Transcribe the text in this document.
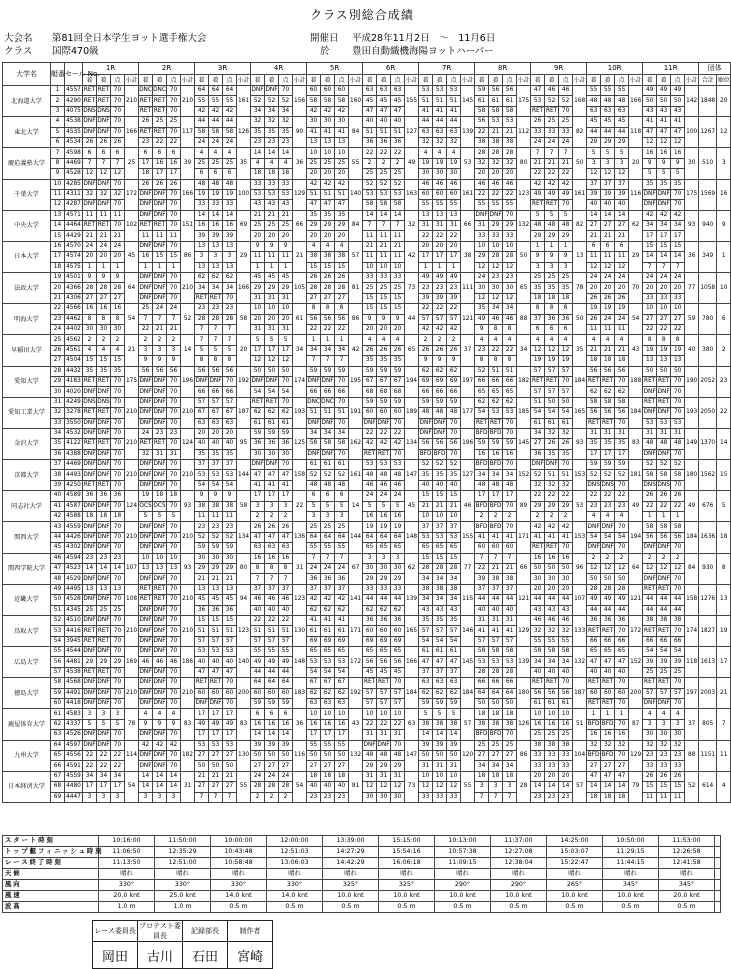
クラス別総合成績
大会名 第81回全日本学生ヨット選手権大会
クラス 国際470級
開催日 平成28年11月2日　～　11月6日
於 豊田自動織機海陽ヨットハーバー
大学名	艇番	セール No.	1R				2R				3R				4R				5R				6R				7R				8R				9R				10R				11R				団体	
			着	着	点	小計	着	着	点	小計	着	着	点	小計	着	着	点	小計	着	着	点	小計	着	着	点	小計	着	着	点	小計	着	着	点	小計	着	着	点	小計	着	着	点	小計	着	着	点	小計	合計	順位
北海道大学	1	4557	RET	RET	70	210	DNC	DNC	70	210	64	64	64	161	DNF	DNF	70	156	60	60	60	160	63	63	63	155	53	53	53	145	59	56	56	175	47	46	46	168	55	55	55	166	49	49	49	142	1848	20
	2	4290	RET	RET	70		RET	RET	70		55	55	55		52	52	52		58	58	58		45	45	45		51	51	51		61	61	61		53	52	52		48	48	48		50	50	50			
	3	4075	DNS	DNS	70		RET	RET	70		42	42	42		34	34	34		42	42	42		47	47	47		41	41	41		58	58	58		RET	RET	70		63	63	63		43	43	43			
東北大学	4	4538	DNF	DNF	70	166	26	25	25	117	44	44	44	126	32	32	32	90	30	30	30	84	40	40	40	127	44	44	44	139	56	53	53	112	26	25	25	82	45	45	45	118	41	41	41	100	1267	12
	5	4535	DNF	DNF	70		RET	RET	70		58	58	58		35	35	35		41	41	41		51	51	51		63	63	63		22	21	21		33	33	33		44	44	44		47	47	47			
	6	4534	26	26	26		23	22	22		24	24	24		23	23	23		13	13	13		36	36	36		32	32	32		38	38	38		24	24	24		29	29	29		12	12	12			
慶応義塾大学	7	4598	6	6	6	25	6	6	6	39	4	4	4	35	14	14	14	36	10	10	10	55	22	22	22	49	4	4	4	53	28	28	28	80	7	7	7	50	5	5	5	20	16	16	16	30	510	3
	8	4469	7	7	7		17	16	16		25	25	25		4	4	4		25	25	25		2	2	2		19	19	19		32	32	32		21	21	21		3	3	3		9	9	9			
	9	4528	12	12	12		18	17	17		6	6	6		18	18	18		20	20	20		25	25	25		30	30	30		20	20	20		22	22	22		12	12	12		5	5	5			
千葉大学	10	4285	DNF	DNF	70	172	26	26	26	166	48	48	48	100	33	33	33	129	42	42	42	140	52	52	52	163	46	46	46	161	46	46	46	123	42	42	42	161	37	37	37	116	35	35	35	175	1569	16
	11	4311	32	32	32		DNF	DNF	70		19	19	19		53	53	53		51	51	51		53	53	53		60	60	60		22	22	22		49	49	49		39	39	39		DNF	DNF	70			
	12	4287	DNF	DNF	70		DNF	DNF	70		33	33	33		43	43	43		47	47	47		58	58	58		55	55	55		55	55	55		RET	RET	70		40	40	40		DNF	DNF	70			
中央大学	13	4571	11	11	11	102	DNF	DNF	70	151	14	14	14	69	21	21	21	66	35	35	35	84	14	14	14	32	13	13	13	66	DNF	DNF	70	132	5	5	5	82	14	14	14	62	42	42	42	93	940	9
	14	4464	RET	RET	70		RET	RET	70		16	16	16		25	25	25		29	29	29		7	7	7		31	31	31		31	29	29		48	48	48		27	27	27		34	34	34			
	15	4429	21	21	21		11	11	11		39	39	39		20	20	20		20	20	20		11	11	11		22	22	22		33	33	33		29	29	29		21	21	21		17	17	17			
日本大学	16	4570	24	24	24	45	DNF	DNF	70	86	13	13	13	29	9	9	9	21	4	4	4	57	21	21	21	42	20	20	20	38	10	10	10	50	1	1	1	13	6	6	6	29	15	15	15	36	349	1
	17	4574	20	20	20		16	15	15		3	3	3		11	11	11		38	38	38		11	11	11		17	17	17		29	28	28		9	9	9		11	11	11		14	14	14			
	18	4575	1	1	1		1	1	1		13	13	13		1	1	1		15	15	15		10	10	10		1	1	1		12	12	12		3	3	3		12	12	12		7	7	7			
法政大学	19	4501	9	9	9	64	DNF	DNF	70	210	62	62	62	166	45	45	45	105	26	26	26	81	33	33	33	73	49	49	49	111	24	23	23	65	25	25	25	78	24	24	24	70	24	24	24	77	1058	10
	20	4366	28	28	28		DNF	DNF	70		34	34	34		29	29	29		28	28	28		25	25	25		23	23	23		30	30	30		35	35	35		20	20	20		20	20	20			
	21	4306	27	27	27		DNF	DNF	70		RET	RET	70		31	31	31		27	27	27		15	15	15		39	39	39		12	12	12		18	18	18		26	26	26		33	33	33			
明海大学	22	4566	16	16	16	54	25	24	24	52	23	23	23	58	10	10	10	61	8	8	8	86	15	15	15	44	22	22	22	121	35	34	34	88	8	8	8	50	19	19	19	54	10	10	10	59	780	6
	23	4462	8	8	8		7	7	7		28	28	28		20	20	20		56	56	56		9	9	9		57	57	57		49	46	46		37	36	36		26	24	24		27	27	27			
	24	4402	30	30	30		22	21	21		7	7	7		31	31	31		22	22	22		20	20	20		42	42	42		9	8	8		6	6	6		11	11	11		22	22	22			
早稲田大学	25	4562	2	2	2	21	2	2	2	14	7	7	7	20	5	5	5	34	1	1	1	42	4	4	4	65	2	2	2	37	4	4	4	34	4	4	4	35	4	4	4	43	8	8	8	40	380	2
	26	4561	4	4	4		3	3	3		5	5	5		17	17	17		34	34	34		26	26	26		26	26	26		23	22	22		12	12	12		21	21	21		19	19	19			
	27	4504	15	15	15		9	9	9		8	8	8		12	12	12		7	7	7		35	35	35		9	9	9		8	8	8		19	19	19		18	18	18		13	13	13			
愛知大学	28	4432	35	35	35	175	56	56	56	196	56	56	56	192	50	50	50	174	59	59	59	195	59	59	59	194	62	62	62	197	52	51	51	182	57	57	57	184	56	56	56	188	50	50	50	190	2052	23
	29	4183	RET	RET	70		DNF	DNF	70		DNF	DNF	70		DNF	DNF	70		DNF	DNF	70		67	67	67		69	69	69		66	66	66		RET	RET	70		RET	RET	70		RET	RET	70			
	30	4020	DNF	DNF	70		DNF	DNF	70		66	66	66		54	54	54		66	66	66		68	68	68		66	66	66		65	65	65		57	57	57		62	62	62		DNF	DNF	70			
愛知工業大学	31	4249	DNS	DNS	70	210	DNF	DNF	70	210	57	57	57	187	RET	RET	70	193	DNC	DNC	70	191	59	59	59	189	59	59	59	177	62	62	62	185	51	50	50	165	58	58	58	184	RET	RET	70	193	2050	22
	32	3278	RET	RET	70		DNF	DNF	70		67	67	67		62	62	62		51	51	51		60	60	60		48	48	48		54	53	53		54	54	54		56	56	56		DNF	DNF	70			
	33	3550	DNF	DNF	70		DNF	DNF	70		63	63	63		61	61	61		DNF	DNF	70		DNF	DNF	70		DNF	DNF	70		RET	RET	70		61	61	61		RET	RET	70		53	53	53			
金沢大学	34	4532	DNF	DNF	70	210	24	23	23	124	20	20	20	95	59	59	59	125	34	34	34	162	22	22	22	134	DNF	DNF	70	196	BFD	BFD	70	145	34	32	32	93	31	31	31	83	31	31	31	149	1370	14
	35	4122	RET	RET	70		RET	RET	70		40	40	40		36	36	36		58	58	58		42	42	42		56	56	56		59	59	59		27	26	26		35	35	35		48	48	48			
	36	4388	DNF	DNF	70		32	31	31		35	35	35		30	30	30		DNF	DNF	70		RET	RET	70		BFD	BFD	70		16	16	16		36	35	35		17	17	17		DNF	DNF	70			
京都大学	37	4469	DNF	DNF	70	210	DNF	DNF	70	210	37	37	37	144	DNF	DNF	70	158	61	61	61	161	53	53	53	147	52	52	52	127	BFD	BFD	70	152	DNF	DNF	70	153	59	59	59	181	52	52	52	180	1562	15
	38	4493	DNF	DNF	70		DNF	DNF	70		53	53	53		47	47	47		52	52	52		48	48	48		35	35	35		34	34	34		52	51	51		52	52	52		58	58	58			
	39	4250	RET	RET	70		DNF	DNF	70		54	54	54		41	41	41		48	48	48		46	46	46		40	40	40		48	48	48		32	32	32		DNS	DNS	70		DNS	DNS	70			
同志社大学	40	4589	36	36	36	124	19	18	18	93	9	9	9	58	17	17	17	22	6	6	6	14	24	24	24	45	15	15	15	46	17	17	17	89	22	22	22	53	22	22	22	49	26	26	26	49	676	5
	41	4587	DNF	DNF	70		OCS	OCS	70		38	38	38		3	3	3		5	5	5		5	5	5		21	21	21		BFD	BFD	70		29	29	29		23	23	23		22	22	22			
	42	4588	18	18	18		5	5	5		11	11	11		2	2	2		3	3	3		16	16	16		10	10	10		2	2	2		2	2	2		4	4	4		1	1	1			
関西大学	43	4559	DNF	DNF	70	210	DNF	DNF	70	210	23	23	23	134	26	26	26	136	25	25	25	144	19	19	19	148	37	37	37	155	BFD	BFD	70	171	42	42	42	153	DNF	DNF	70	194	58	58	58	184	1636	18
	44	4426	DNF	DNF	70		DNF	DNF	70		52	52	52		47	47	47		64	64	64		64	64	64		53	53	53		41	41	41		41	41	41		54	54	54		56	56	56			
	45	4302	DNF	DNF	70		DNF	DNF	70		59	59	59		63	63	63		55	55	55		65	65	65		65	65	65		60	60	60		RET	RET	70		DNF	DNF	70		DNF	DNF	70			
関西学院大学	46	4594	23	23	23	107	10	10	10	93	30	30	30	80	16	16	16	31	7	7	7	67	3	3	3	62	15	15	15	77	7	7	7	66	16	16	16	96	2	2	2	64	2	2	2	84	930	8
	47	4523	14	14	14		13	13	13		29	29	29		8	8	8		24	24	24		30	30	30		28	28	28		22	21	21		50	50	50		12	12	12		12	12	12			
	48	4529	DNF	DNF	70		DNF	DNF	70		21	21	21		7	7	7		36	36	36		29	29	29		34	34	34		39	38	38		30	30	30		50	50	50		DNF	DNF	70			
近畿大学	49	4495	13	13	13	108	RET	RET	70	210	13	13	13	94	37	37	37	123	37	37	37	141	33	33	33	139	38	38	38	115	37	37	37	121	20	20	20	107	28	28	28	121	RET	RET	70	158	1276	13
	50	4528	DNF	DNF	70		RET	RET	70		45	45	45		46	46	46		42	42	42		44	44	44		34	34	34		44	44	44		44	44	44		49	49	49		44	44	44			
	51	4345	25	25	25		DNF	DNF	70		36	36	36		40	40	40		62	62	62		62	62	62		43	43	43		40	40	40		43	43	43		44	44	44		44	44	44			
鳥取大学	52	4510	DNF	DNF	70	210	DNF	DNF	70	210	15	15	15	123	22	22	22	130	41	41	41	171	36	36	36	165	35	35	35	146	31	31	31	129	46	46	46	133	36	36	36	172	38	38	38	174	1827	19
	53	4416	RET	RET	70		DNF	DNF	70		51	51	51		51	51	51		61	61	61		60	60	60		57	57	57		41	41	41		32	32	32		RET	RET	70		RET	RET	70			
	54	3945	RET	RET	70		DNF	DNF	70		57	57	57		57	57	57		69	69	69		69	69	69		54	54	54		57	57	57		55	55	55		66	66	66		66	66	66			
広島大学	55	4544	DNF	DNF	70	169	DNF	DNF	70	186	53	53	53	140	55	55	55	148	65	65	65	172	65	65	65	166	61	61	61	145	58	58	58	139	58	58	58	132	65	65	65	152	54	54	54	118	1613	17
	56	4481	29	29	29		46	46	46		40	40	40		49	49	49		53	53	53		56	56	56		47	47	47		53	53	53		34	34	34		47	47	47		39	39	39			
	57	4538	RET	RET	70		DNF	DNF	70		47	47	47		44	44	44		54	54	54		45	45	45		37	37	37		28	28	28		40	40	40		40	40	40		25	25	25			
徳島大学	58	4568	DNF	DNF	70	210	DNF	DNF	70	210	RET	RET	70	200	64	64	64	183	67	67	67	192	RET	RET	70	184	63	63	63	184	66	66	66	180	RET	RET	70	187	RET	RET	70	200	RET	RET	70	197	2003	21
	59	4491	DNF	DNF	70		DNF	DNF	70		60	60	60		60	60	60		62	62	62		57	57	57		62	62	62		64	64	64		56	56	56		60	60	60		57	57	57			
	60	4418	DNF	DNF	70		DNF	DNF	70		DNF	DNF	70		59	59	59		63	63	63		57	57	57		59	59	59		50	50	50		61	61	61		RET	RET	70		DNF	DNF	70			
鹿屋体育大学	61	4583	3	3	3	78	4	4	4	83	17	17	17	83	6	6	6	36	10	10	10	43	10	10	10	63	5	5	5	57	18	18	18	126	10	10	10	51	1	1	1	87	4	4	4	37	805	7
	62	4337	5	5	5		9	9	9		49	49	49		16	16	16		16	16	16		22	22	22		38	38	38		38	38	38		16	16	16		BFD	BFD	70		3	3	3			
	63	4526	DNF	DNF	70		DNF	DNF	70		17	17	17		14	14	14		17	17	17		31	31	31		14	14	14		BFD	BFD	70		25	25	25		16	16	16		30	30	30			
九州大学	64	4597	DNF	DNF	70	114	42	42	42	182	53	53	53	130	39	39	39	116	55	55	55	132	DNF	DNF	70	147	39	39	39	120	25	25	25	86	38	38	38	104	32	32	32	129	32	32	32	88	1151	11
	65	4556	22	22	22		DNF	DNF	70		27	27	27		50	50	50		50	50	50		48	48	48		50	50	50		27	27	27		33	33	33		BFD	BFD	70		23	23	23			
	66	4591	22	22	22		DNF	DNF	70		50	50	50		27	27	27		27	27	27		29	29	29		31	31	31		34	34	34		33	33	33		27	27	27		33	33	33			
日本経済大学	67	4559	34	34	34	54	14	14	14	31	21	21	21	55	24	24	24	54	18	18	18	81	31	31	31	73	10	10	10	55	18	18	18	28	20	20	20	57	47	47	47	79	26	26	26	52	614	4
	68	4480	17	17	17		14	14	14		27	27	27		28	28	28		40	40	40		12	12	12		12	12	12		3	3	3		14	14	14		14	14	14		15	15	15			
	69	4447	3	3	3		3	3	3		7	7	7		2	2	2		23	23	23		30	30	30		33	33	33		7	7	7		23	23	23		18	18	18		11	11	11			
スタート時刻	10:16:00	11:50:00	10:00:00	12:00:00	13:39:00	15:15:00	10:13:00	11:37:00	14:25:00	10:50:00	11:53:00	
トップ艇フィニッシュ時刻	11:06:50	12:35:29	10:43:48	12:51:03	14:27:29	15:54:16	10:57:38	12:27:08	15:03:07	11:29:15	12:26:58	
レース終了時刻	11:13:50	12:51:00	10:58:48	13:06:03	14:42:29	16:06:18	11:09:15	12:38:04	15:22:47	11:44:15	12:41:58	
天候	晴れ	晴れ	晴れ	晴れ	晴れ	晴れ	晴れ	晴れ	晴れ	晴れ	晴れ	
風向	330°	330°	330°	330°	325°	325°	290°	290°	265°	345°	345°	
風速	20.0 knt	25.0 knt	14.0 knt	14.0 knt	10.0 knt	10.0 knt	10.0 knt	10.0 knt	10.0 knt	10.0 knt	20.0 knt	
波高	1.0 m	1.0 m	0.5 m	0.5 m	0.5 m	0.5 m	0.5 m	0.5 m	0.5 m	0.5 m	0.5 m	
レース委員長	プロテスト委員長	記録部長	制作者
岡田	古川	石田	宮崎
